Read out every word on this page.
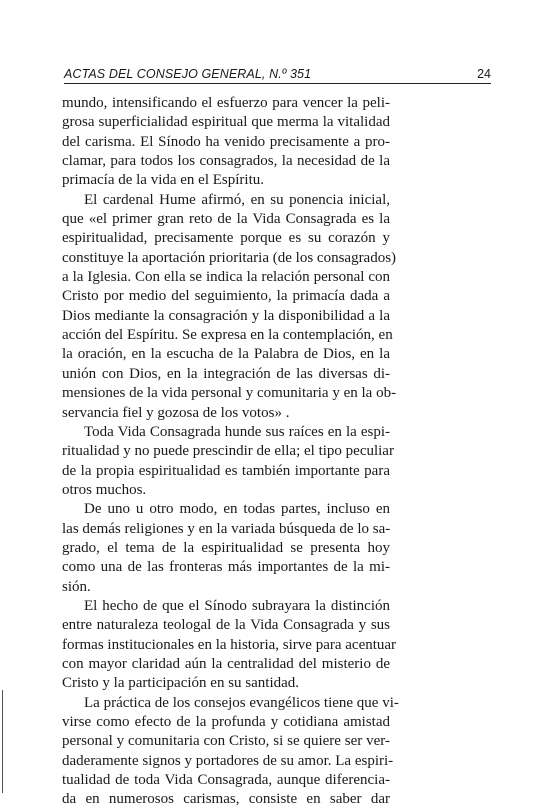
ACTAS DEL CONSEJO GENERAL, N.º 351	24
mundo, intensificando el esfuerzo para vencer la peli-
grosa superficialidad espiritual que merma la vitalidad
del carisma. El Sínodo ha venido precisamente a pro-
clamar, para todos los consagrados, la necesidad de la
primacía de la vida en el Espíritu.
El cardenal Hume afirmó, en su ponencia inicial,
que «el primer gran reto de la Vida Consagrada es la
espiritualidad, precisamente porque es su corazón y
constituye la aportación prioritaria (de los consagrados)
a la Iglesia. Con ella se indica la relación personal con
Cristo por medio del seguimiento, la primacía dada a
Dios mediante la consagración y la disponibilidad a la
acción del Espíritu. Se expresa en la contemplación, en
la oración, en la escucha de la Palabra de Dios, en la
unión con Dios, en la integración de las diversas di-
mensiones de la vida personal y comunitaria y en la ob-
servancia fiel y gozosa de los votos» .
Toda Vida Consagrada hunde sus raíces en la espi-
ritualidad y no puede prescindir de ella; el tipo peculiar
de la propia espiritualidad es también importante para
otros muchos.
De uno u otro modo, en todas partes, incluso en
las demás religiones y en la variada búsqueda de lo sa-
grado, el tema de la espiritualidad se presenta hoy
como una de las fronteras más importantes de la mi-
sión.
El hecho de que el Sínodo subrayara la distinción
entre naturaleza teologal de la Vida Consagrada y sus
formas institucionales en la historia, sirve para acentuar
con mayor claridad aún la centralidad del misterio de
Cristo y la participación en su santidad.
La práctica de los consejos evangélicos tiene que vi-
virse como efecto de la profunda y cotidiana amistad
personal y comunitaria con Cristo, si se quiere ser ver-
daderamente signos y portadores de su amor. La espiri-
tualidad de toda Vida Consagrada, aunque diferencia-
da en numerosos carismas, consiste en saber dar
